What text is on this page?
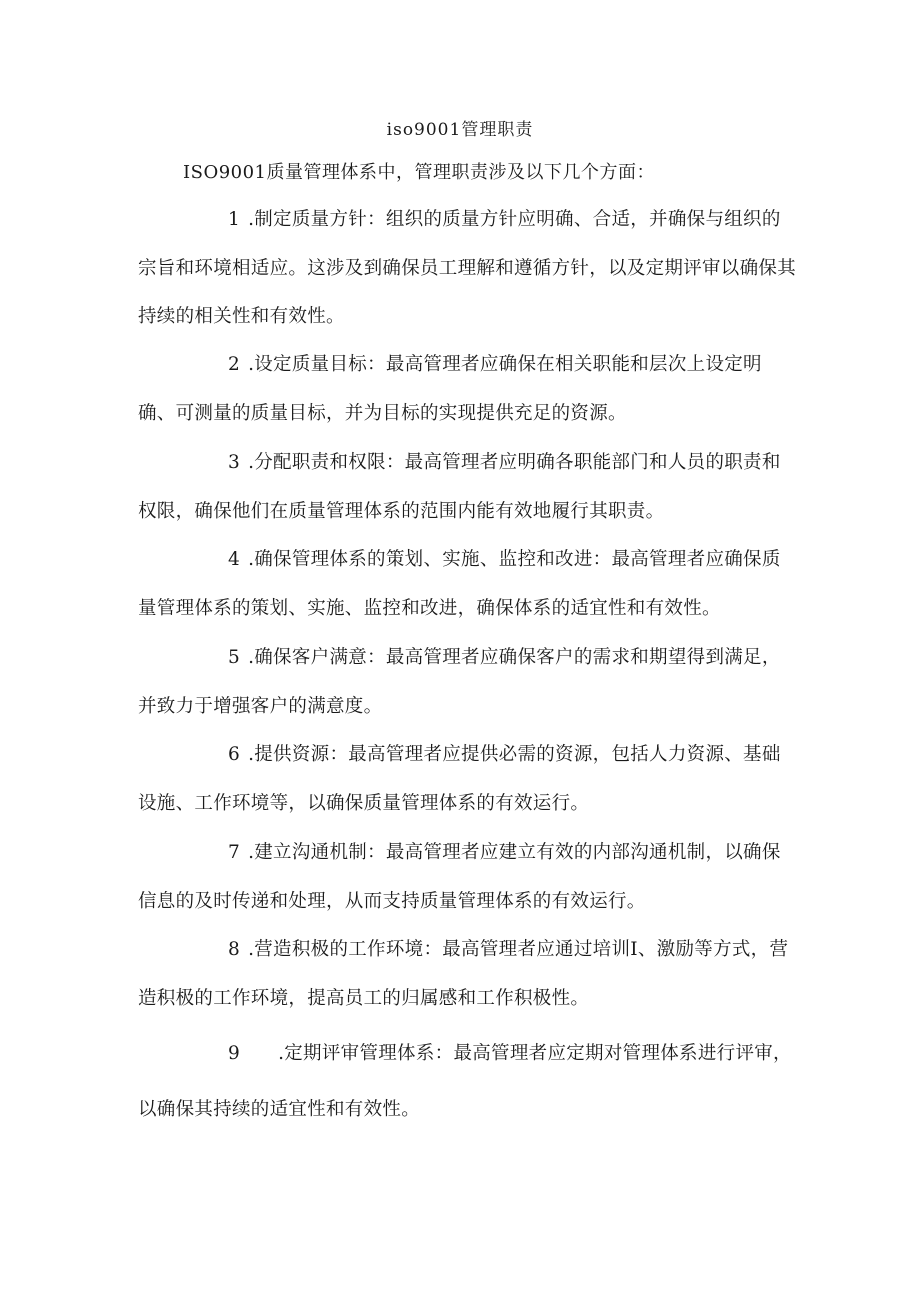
iso9001管理职责
ISO9001质量管理体系中，管理职责涉及以下几个方面：
1 .制定质量方针：组织的质量方针应明确、合适，并确保与组织的宗旨和环境相适应。这涉及到确保员工理解和遵循方针，以及定期评审以确保其持续的相关性和有效性。
2 .设定质量目标：最高管理者应确保在相关职能和层次上设定明确、可测量的质量目标，并为目标的实现提供充足的资源。
3 .分配职责和权限：最高管理者应明确各职能部门和人员的职责和权限，确保他们在质量管理体系的范围内能有效地履行其职责。
4 .确保管理体系的策划、实施、监控和改进：最高管理者应确保质量管理体系的策划、实施、监控和改进，确保体系的适宜性和有效性。
5 .确保客户满意：最高管理者应确保客户的需求和期望得到满足，并致力于增强客户的满意度。
6 .提供资源：最高管理者应提供必需的资源，包括人力资源、基础设施、工作环境等，以确保质量管理体系的有效运行。
7 .建立沟通机制：最高管理者应建立有效的内部沟通机制，以确保信息的及时传递和处理，从而支持质量管理体系的有效运行。
8 .营造积极的工作环境：最高管理者应通过培训I、激励等方式，营造积极的工作环境，提高员工的归属感和工作积极性。
9 .定期评审管理体系：最高管理者应定期对管理体系进行评审，以确保其持续的适宜性和有效性。
